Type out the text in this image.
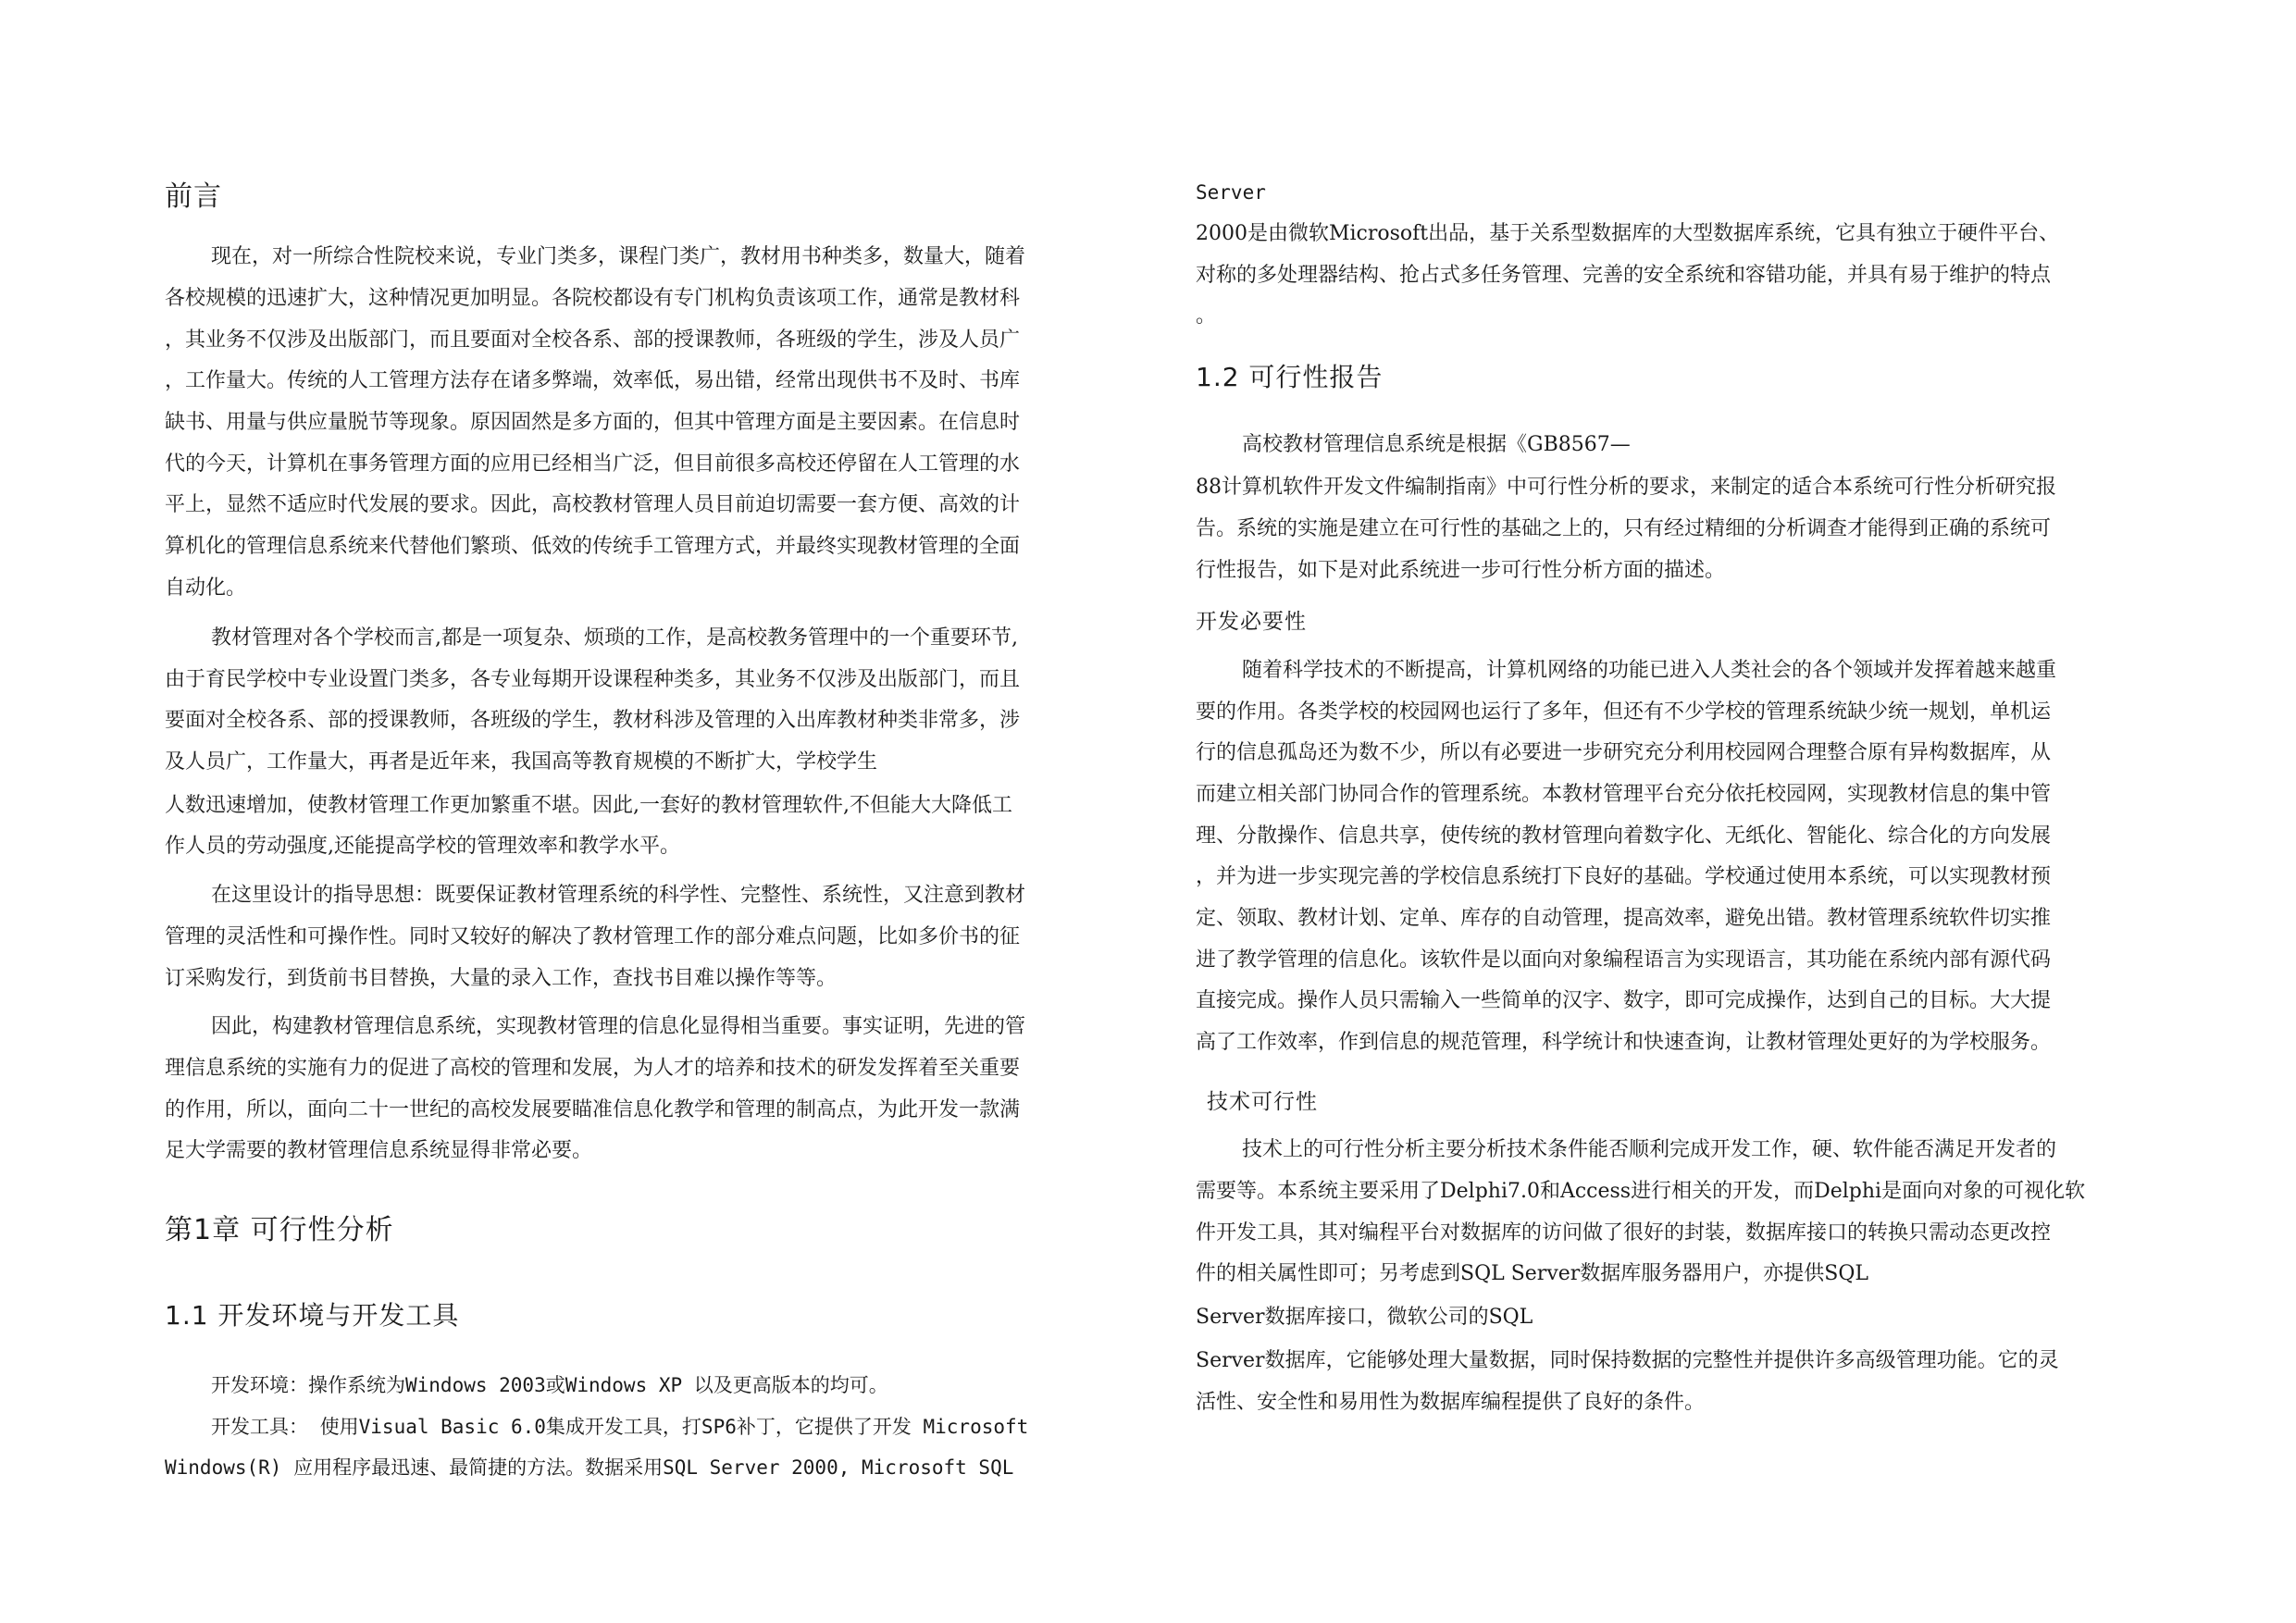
前言
现在，对一所综合性院校来说，专业门类多，课程门类广，教材用书种类多，数量大，随着
各校规模的迅速扩大，这种情况更加明显。各院校都设有专门机构负责该项工作，通常是教材科
，其业务不仅涉及出版部门，而且要面对全校各系、部的授课教师，各班级的学生，涉及人员广
，工作量大。传统的人工管理方法存在诸多弊端，效率低，易出错，经常出现供书不及时、书库
缺书、用量与供应量脱节等现象。原因固然是多方面的，但其中管理方面是主要因素。在信息时
代的今天，计算机在事务管理方面的应用已经相当广泛，但目前很多高校还停留在人工管理的水
平上，显然不适应时代发展的要求。因此，高校教材管理人员目前迫切需要一套方便、高效的计
算机化的管理信息系统来代替他们繁琐、低效的传统手工管理方式，并最终实现教材管理的全面
自动化。
教材管理对各个学校而言,都是一项复杂、烦琐的工作，是高校教务管理中的一个重要环节,
由于育民学校中专业设置门类多，各专业每期开设课程种类多，其业务不仅涉及出版部门，而且
要面对全校各系、部的授课教师，各班级的学生，教材科涉及管理的入出库教材种类非常多，涉
及人员广，工作量大，再者是近年来，我国高等教育规模的不断扩大，学校学生
人数迅速增加，使教材管理工作更加繁重不堪。因此,一套好的教材管理软件,不但能大大降低工
作人员的劳动强度,还能提高学校的管理效率和教学水平。
在这里设计的指导思想：既要保证教材管理系统的科学性、完整性、系统性，又注意到教材
管理的灵活性和可操作性。同时又较好的解决了教材管理工作的部分难点问题，比如多价书的征
订采购发行，到货前书目替换，大量的录入工作，查找书目难以操作等等。
因此，构建教材管理信息系统，实现教材管理的信息化显得相当重要。事实证明，先进的管
理信息系统的实施有力的促进了高校的管理和发展，为人才的培养和技术的研发发挥着至关重要
的作用，所以，面向二十一世纪的高校发展要瞄准信息化教学和管理的制高点，为此开发一款满
足大学需要的教材管理信息系统显得非常必要。
第1章 可行性分析
1.1 开发环境与开发工具
开发环境：操作系统为Windows 2003或Windows XP 以及更高版本的均可。
开发工具： 使用Visual Basic 6.0集成开发工具，打SP6补丁，它提供了开发 Microsoft
Windows(R) 应用程序最迅速、最简捷的方法。数据采用SQL Server 2000, Microsoft SQL
Server
2000是由微软Microsoft出品，基于关系型数据库的大型数据库系统，它具有独立于硬件平台、
对称的多处理器结构、抢占式多任务管理、完善的安全系统和容错功能，并具有易于维护的特点
。
1.2 可行性报告
高校教材管理信息系统是根据《GB8567—
88计算机软件开发文件编制指南》中可行性分析的要求，来制定的适合本系统可行性分析研究报
告。系统的实施是建立在可行性的基础之上的，只有经过精细的分析调查才能得到正确的系统可
行性报告，如下是对此系统进一步可行性分析方面的描述。
开发必要性
随着科学技术的不断提高，计算机网络的功能已进入人类社会的各个领域并发挥着越来越重
要的作用。各类学校的校园网也运行了多年，但还有不少学校的管理系统缺少统一规划，单机运
行的信息孤岛还为数不少，所以有必要进一步研究充分利用校园网合理整合原有异构数据库，从
而建立相关部门协同合作的管理系统。本教材管理平台充分依托校园网，实现教材信息的集中管
理、分散操作、信息共享，使传统的教材管理向着数字化、无纸化、智能化、综合化的方向发展
，并为进一步实现完善的学校信息系统打下良好的基础。学校通过使用本系统，可以实现教材预
定、领取、教材计划、定单、库存的自动管理，提高效率，避免出错。教材管理系统软件切实推
进了教学管理的信息化。该软件是以面向对象编程语言为实现语言，其功能在系统内部有源代码
直接完成。操作人员只需输入一些简单的汉字、数字，即可完成操作，达到自己的目标。大大提
高了工作效率，作到信息的规范管理，科学统计和快速查询，让教材管理处更好的为学校服务。
技术可行性
技术上的可行性分析主要分析技术条件能否顺利完成开发工作，硬、软件能否满足开发者的
需要等。本系统主要采用了Delphi7.0和Access进行相关的开发，而Delphi是面向对象的可视化软
件开发工具，其对编程平台对数据库的访问做了很好的封装，数据库接口的转换只需动态更改控
件的相关属性即可；另考虑到SQL Server数据库服务器用户，亦提供SQL
Server数据库接口，微软公司的SQL
Server数据库，它能够处理大量数据，同时保持数据的完整性并提供许多高级管理功能。它的灵
活性、安全性和易用性为数据库编程提供了良好的条件。
